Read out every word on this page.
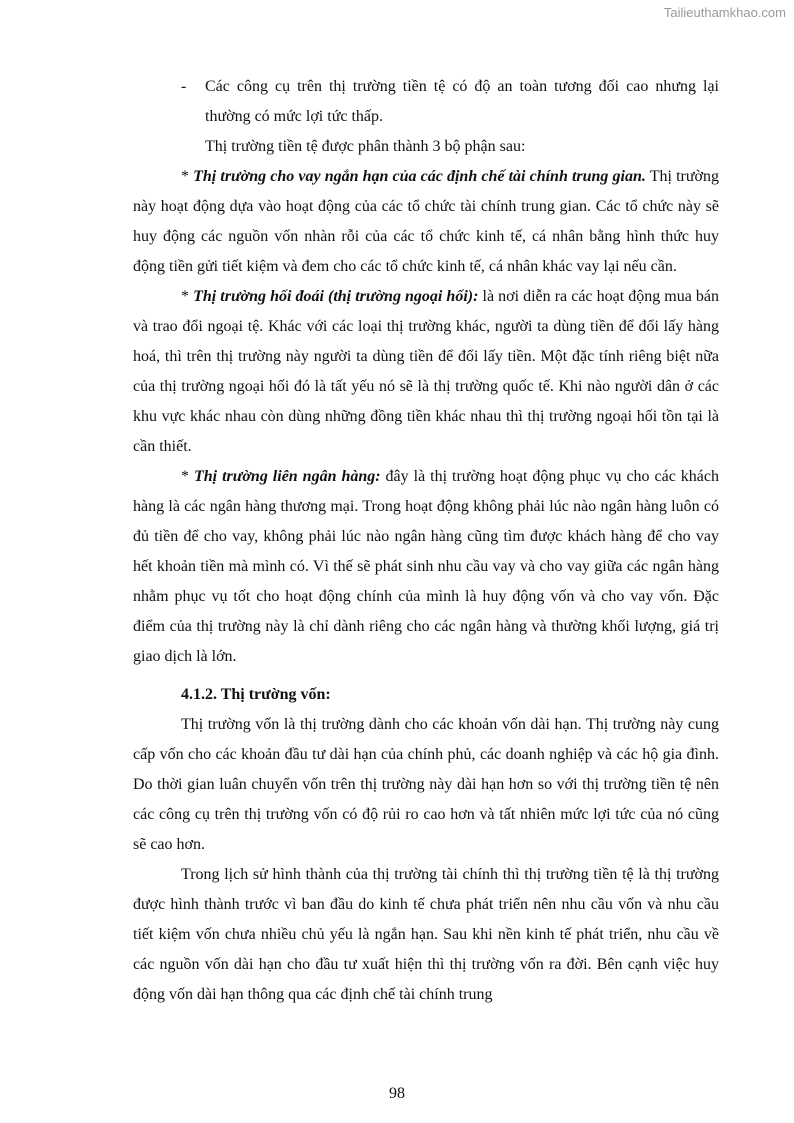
Tailieuthamkhao.com

- Các công cụ trên thị trường tiền tệ có độ an toàn tương đối cao nhưng lại thường có mức lợi tức thấp.

Thị trường tiền tệ được phân thành 3 bộ phận sau:

* Thị trường cho vay ngắn hạn của các định chế tài chính trung gian. Thị trường này hoạt động dựa vào hoạt động của các tổ chức tài chính trung gian. Các tổ chức này sẽ huy động các nguồn vốn nhàn rỗi của các tổ chức kinh tế, cá nhân bằng hình thức huy động tiền gửi tiết kiệm và đem cho các tổ chức kinh tế, cá nhân khác vay lại nếu cần.

* Thị trường hối đoái (thị trường ngoại hối): là nơi diễn ra các hoạt động mua bán và trao đổi ngoại tệ. Khác với các loại thị trường khác, người ta dùng tiền để đổi lấy hàng hoá, thì trên thị trường này người ta dùng tiền để đổi lấy tiền. Một đặc tính riêng biệt nữa của thị trường ngoại hối đó là tất yếu nó sẽ là thị trường quốc tế. Khi nào người dân ở các khu vực khác nhau còn dùng những đồng tiền khác nhau thì thị trường ngoại hối tồn tại là cần thiết.

* Thị trường liên ngân hàng: đây là thị trường hoạt động phục vụ cho các khách hàng là các ngân hàng thương mại. Trong hoạt động không phải lúc nào ngân hàng luôn có đủ tiền để cho vay, không phải lúc nào ngân hàng cũng tìm được khách hàng để cho vay hết khoản tiền mà mình có. Vì thế sẽ phát sinh nhu cầu vay và cho vay giữa các ngân hàng nhằm phục vụ tốt cho hoạt động chính của mình là huy động vốn và cho vay vốn. Đặc điểm của thị trường này là chỉ dành riêng cho các ngân hàng và thường khối lượng, giá trị giao dịch là lớn.

4.1.2. Thị trường vốn:

Thị trường vốn là thị trường dành cho các khoản vốn dài hạn. Thị trường này cung cấp vốn cho các khoản đầu tư dài hạn của chính phủ, các doanh nghiệp và các hộ gia đình. Do thời gian luân chuyển vốn trên thị trường này dài hạn hơn so với thị trường tiền tệ nên các công cụ trên thị trường vốn có độ rủi ro cao hơn và tất nhiên mức lợi tức của nó cũng sẽ cao hơn.

Trong lịch sử hình thành của thị trường tài chính thì thị trường tiền tệ là thị trường được hình thành trước vì ban đầu do kinh tế chưa phát triển nên nhu cầu vốn và nhu cầu tiết kiệm vốn chưa nhiều chủ yếu là ngắn hạn. Sau khi nền kinh tế phát triển, nhu cầu về các nguồn vốn dài hạn cho đầu tư xuất hiện thì thị trường vốn ra đời. Bên cạnh việc huy động vốn dài hạn thông qua các định chế tài chính trung

98
